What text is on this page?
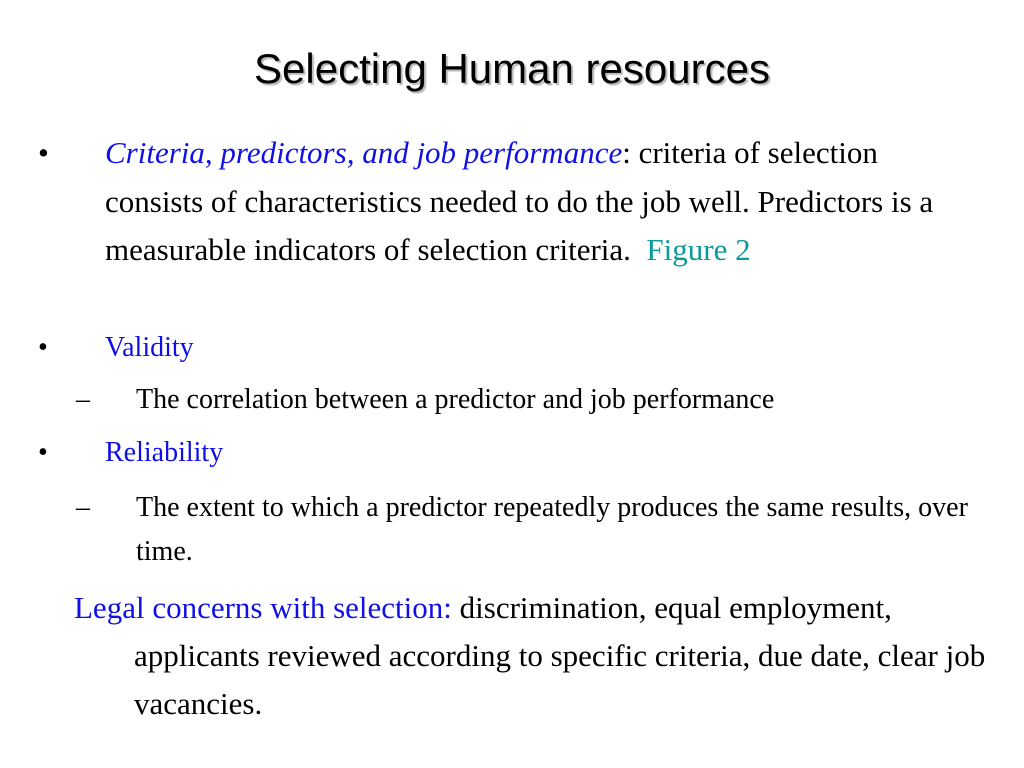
Selecting Human resources
• Criteria, predictors, and job performance: criteria of selection consists of characteristics needed to do the job well. Predictors is a measurable indicators of selection criteria. Figure 2
• Validity
– The correlation between a predictor and job performance
• Reliability
– The extent to which a predictor repeatedly produces the same results, over time.
Legal concerns with selection: discrimination, equal employment, applicants reviewed according to specific criteria, due date, clear job vacancies.
